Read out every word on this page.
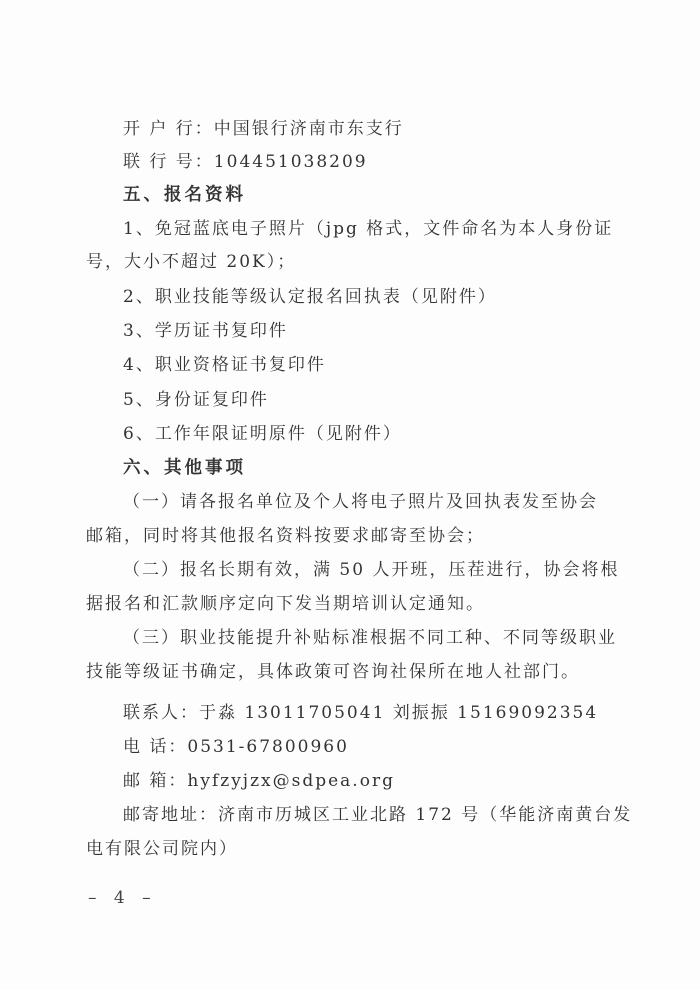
开 户 行：中国银行济南市东支行
联 行 号：104451038209
五、报名资料
1、免冠蓝底电子照片（jpg 格式，文件命名为本人身份证
号，大小不超过 20K）；
2、职业技能等级认定报名回执表（见附件）
3、学历证书复印件
4、职业资格证书复印件
5、身份证复印件
6、工作年限证明原件（见附件）
六、其他事项
（一）请各报名单位及个人将电子照片及回执表发至协会
邮箱，同时将其他报名资料按要求邮寄至协会；
（二）报名长期有效，满 50 人开班，压茬进行，协会将根
据报名和汇款顺序定向下发当期培训认定通知。
（三）职业技能提升补贴标准根据不同工种、不同等级职业
技能等级证书确定，具体政策可咨询社保所在地人社部门。
联系人：于淼 13011705041 刘振振 15169092354
电 话：0531-67800960
邮 箱：hyfzyjzx@sdpea.org
邮寄地址：济南市历城区工业北路 172 号（华能济南黄台发
电有限公司院内）
– 4 –
